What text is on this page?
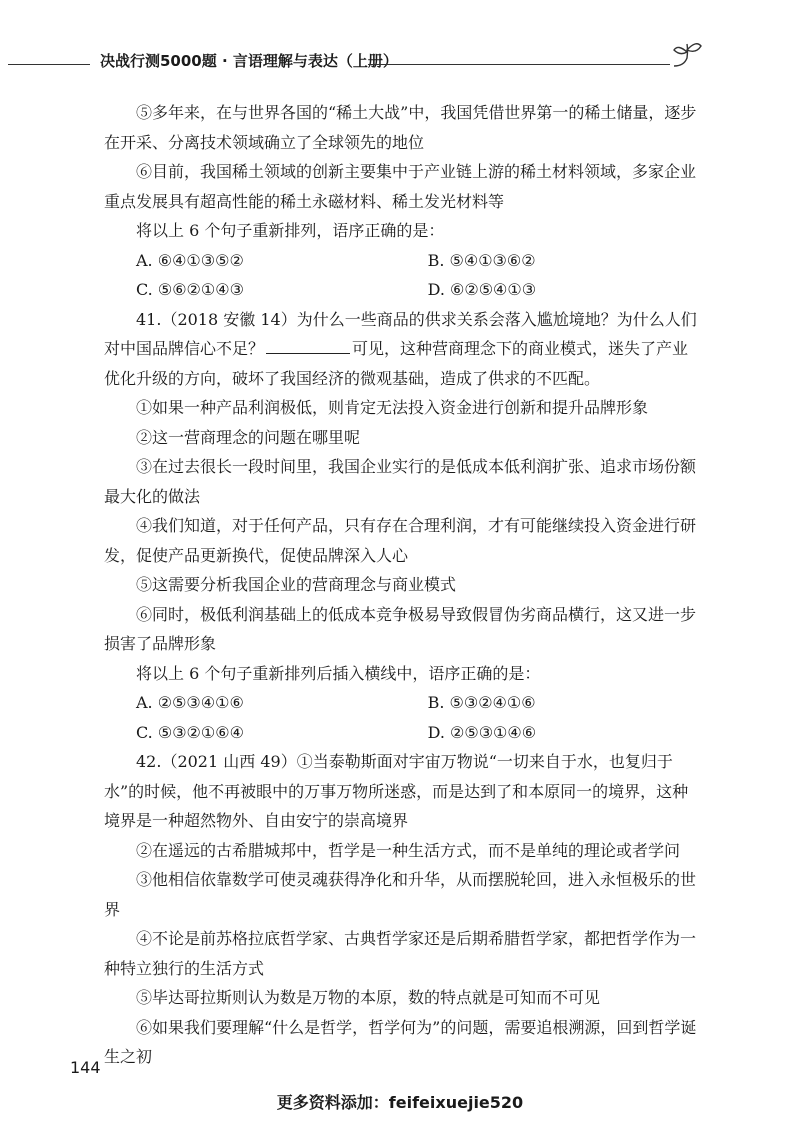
决战行测5000题 · 言语理解与表达（上册）

⑤多年来，在与世界各国的“稀土大战”中，我国凭借世界第一的稀土储量，逐步在开采、分离技术领域确立了全球领先的地位

⑥目前，我国稀土领域的创新主要集中于产业链上游的稀土材料领域，多家企业重点发展具有超高性能的稀土永磁材料、稀土发光材料等

将以上 6 个句子重新排列，语序正确的是：

A. ⑥④①③⑤②	B. ⑤④①③⑥②
C. ⑤⑥②①④③	D. ⑥②⑤④①③

41.（2018 安徽 14）为什么一些商品的供求关系会落入尴尬境地？为什么人们对中国品牌信心不足？	可见，这种营商理念下的商业模式，迷失了产业优化升级的方向，破坏了我国经济的微观基础，造成了供求的不匹配。

①如果一种产品利润极低，则肯定无法投入资金进行创新和提升品牌形象

②这一营商理念的问题在哪里呢

③在过去很长一段时间里，我国企业实行的是低成本低利润扩张、追求市场份额最大化的做法

④我们知道，对于任何产品，只有存在合理利润，才有可能继续投入资金进行研发，促使产品更新换代，促使品牌深入人心

⑤这需要分析我国企业的营商理念与商业模式

⑥同时，极低利润基础上的低成本竞争极易导致假冒伪劣商品横行，这又进一步损害了品牌形象

将以上 6 个句子重新排列后插入横线中，语序正确的是：

A. ②⑤③④①⑥	B. ⑤③②④①⑥
C. ⑤③②①⑥④	D. ②⑤③①④⑥

42.（2021 山西 49）①当泰勒斯面对宇宙万物说“一切来自于水，也复归于水”的时候，他不再被眼中的万事万物所迷惑，而是达到了和本原同一的境界，这种境界是一种超然物外、自由安宁的崇高境界

②在遥远的古希腊城邦中，哲学是一种生活方式，而不是单纯的理论或者学问

③他相信依靠数学可使灵魂获得净化和升华，从而摆脱轮回，进入永恒极乐的世界

④不论是前苏格拉底哲学家、古典哲学家还是后期希腊哲学家，都把哲学作为一种特立独行的生活方式

⑤毕达哥拉斯则认为数是万物的本原，数的特点就是可知而不可见

⑥如果我们要理解“什么是哲学，哲学何为”的问题，需要追根溯源，回到哲学诞生之初

144
更多资料添加：feifeixuejie520
